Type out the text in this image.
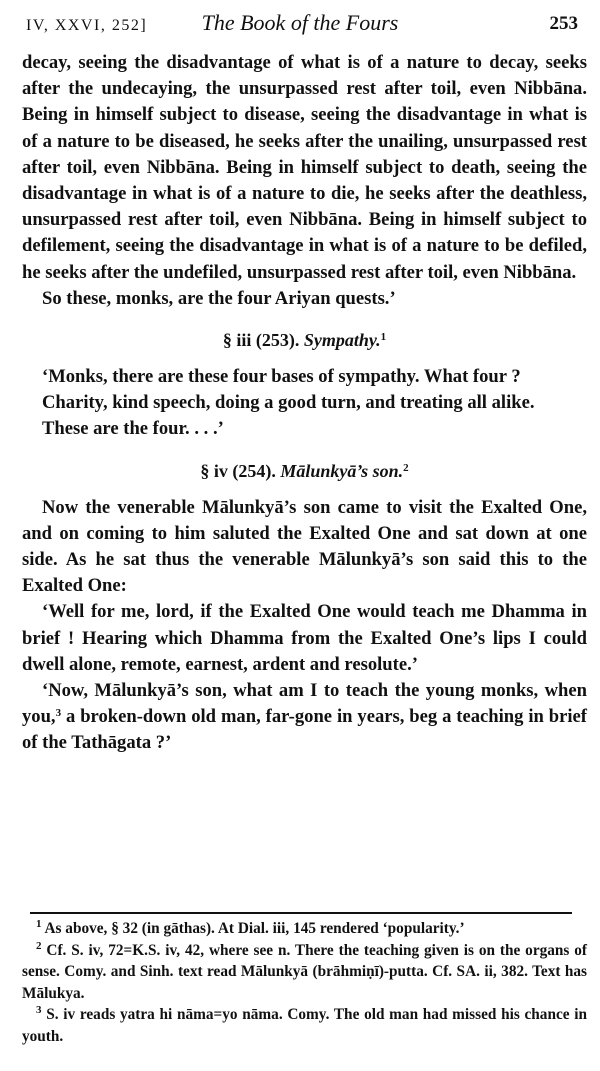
IV, XXVI, 252]	The Book of the Fours	253

decay, seeing the disadvantage of what is of a nature to decay, seeks after the undecaying, the unsurpassed rest after toil, even Nibbāna. Being in himself subject to disease, seeing the disadvantage in what is of a nature to be diseased, he seeks after the unailing, unsurpassed rest after toil, even Nibbāna. Being in himself subject to death, seeing the disadvantage in what is of a nature to die, he seeks after the deathless, unsurpassed rest after toil, even Nibbāna. Being in himself subject to defilement, seeing the disadvantage in what is of a nature to be defiled, he seeks after the undefiled, unsurpassed rest after toil, even Nibbāna.

So these, monks, are the four Ariyan quests.’

§ iii (253). Sympathy.$^1$

‘Monks, there are these four bases of sympathy. What four ?

Charity, kind speech, doing a good turn, and treating all alike.

These are the four. . . .’

§ iv (254). Mālunkyā’s son.$^2$

Now the venerable Mālunkyā’s son came to visit the Exalted One, and on coming to him saluted the Exalted One and sat down at one side. As he sat thus the venerable Mālunkyā’s son said this to the Exalted One:

‘Well for me, lord, if the Exalted One would teach me Dhamma in brief ! Hearing which Dhamma from the Exalted One’s lips I could dwell alone, remote, earnest, ardent and resolute.’

‘Now, Mālunkyā’s son, what am I to teach the young monks, when you,$^3$ a broken-down old man, far-gone in years, beg a teaching in brief of the Tathāgata ?’

$^1$ As above, § 32 (in gāthas). At Dial. iii, 145 rendered ‘popularity.’

$^2$ Cf. S. iv, 72=K.S. iv, 42, where see n. There the teaching given is on the organs of sense. Comy. and Sinh. text read Mālunkyā (brāhmiṇī)-putta. Cf. SA. ii, 382. Text has Mālukya.

$^3$ S. iv reads yatra hi nāma=yo nāma. Comy. The old man had missed his chance in youth.
